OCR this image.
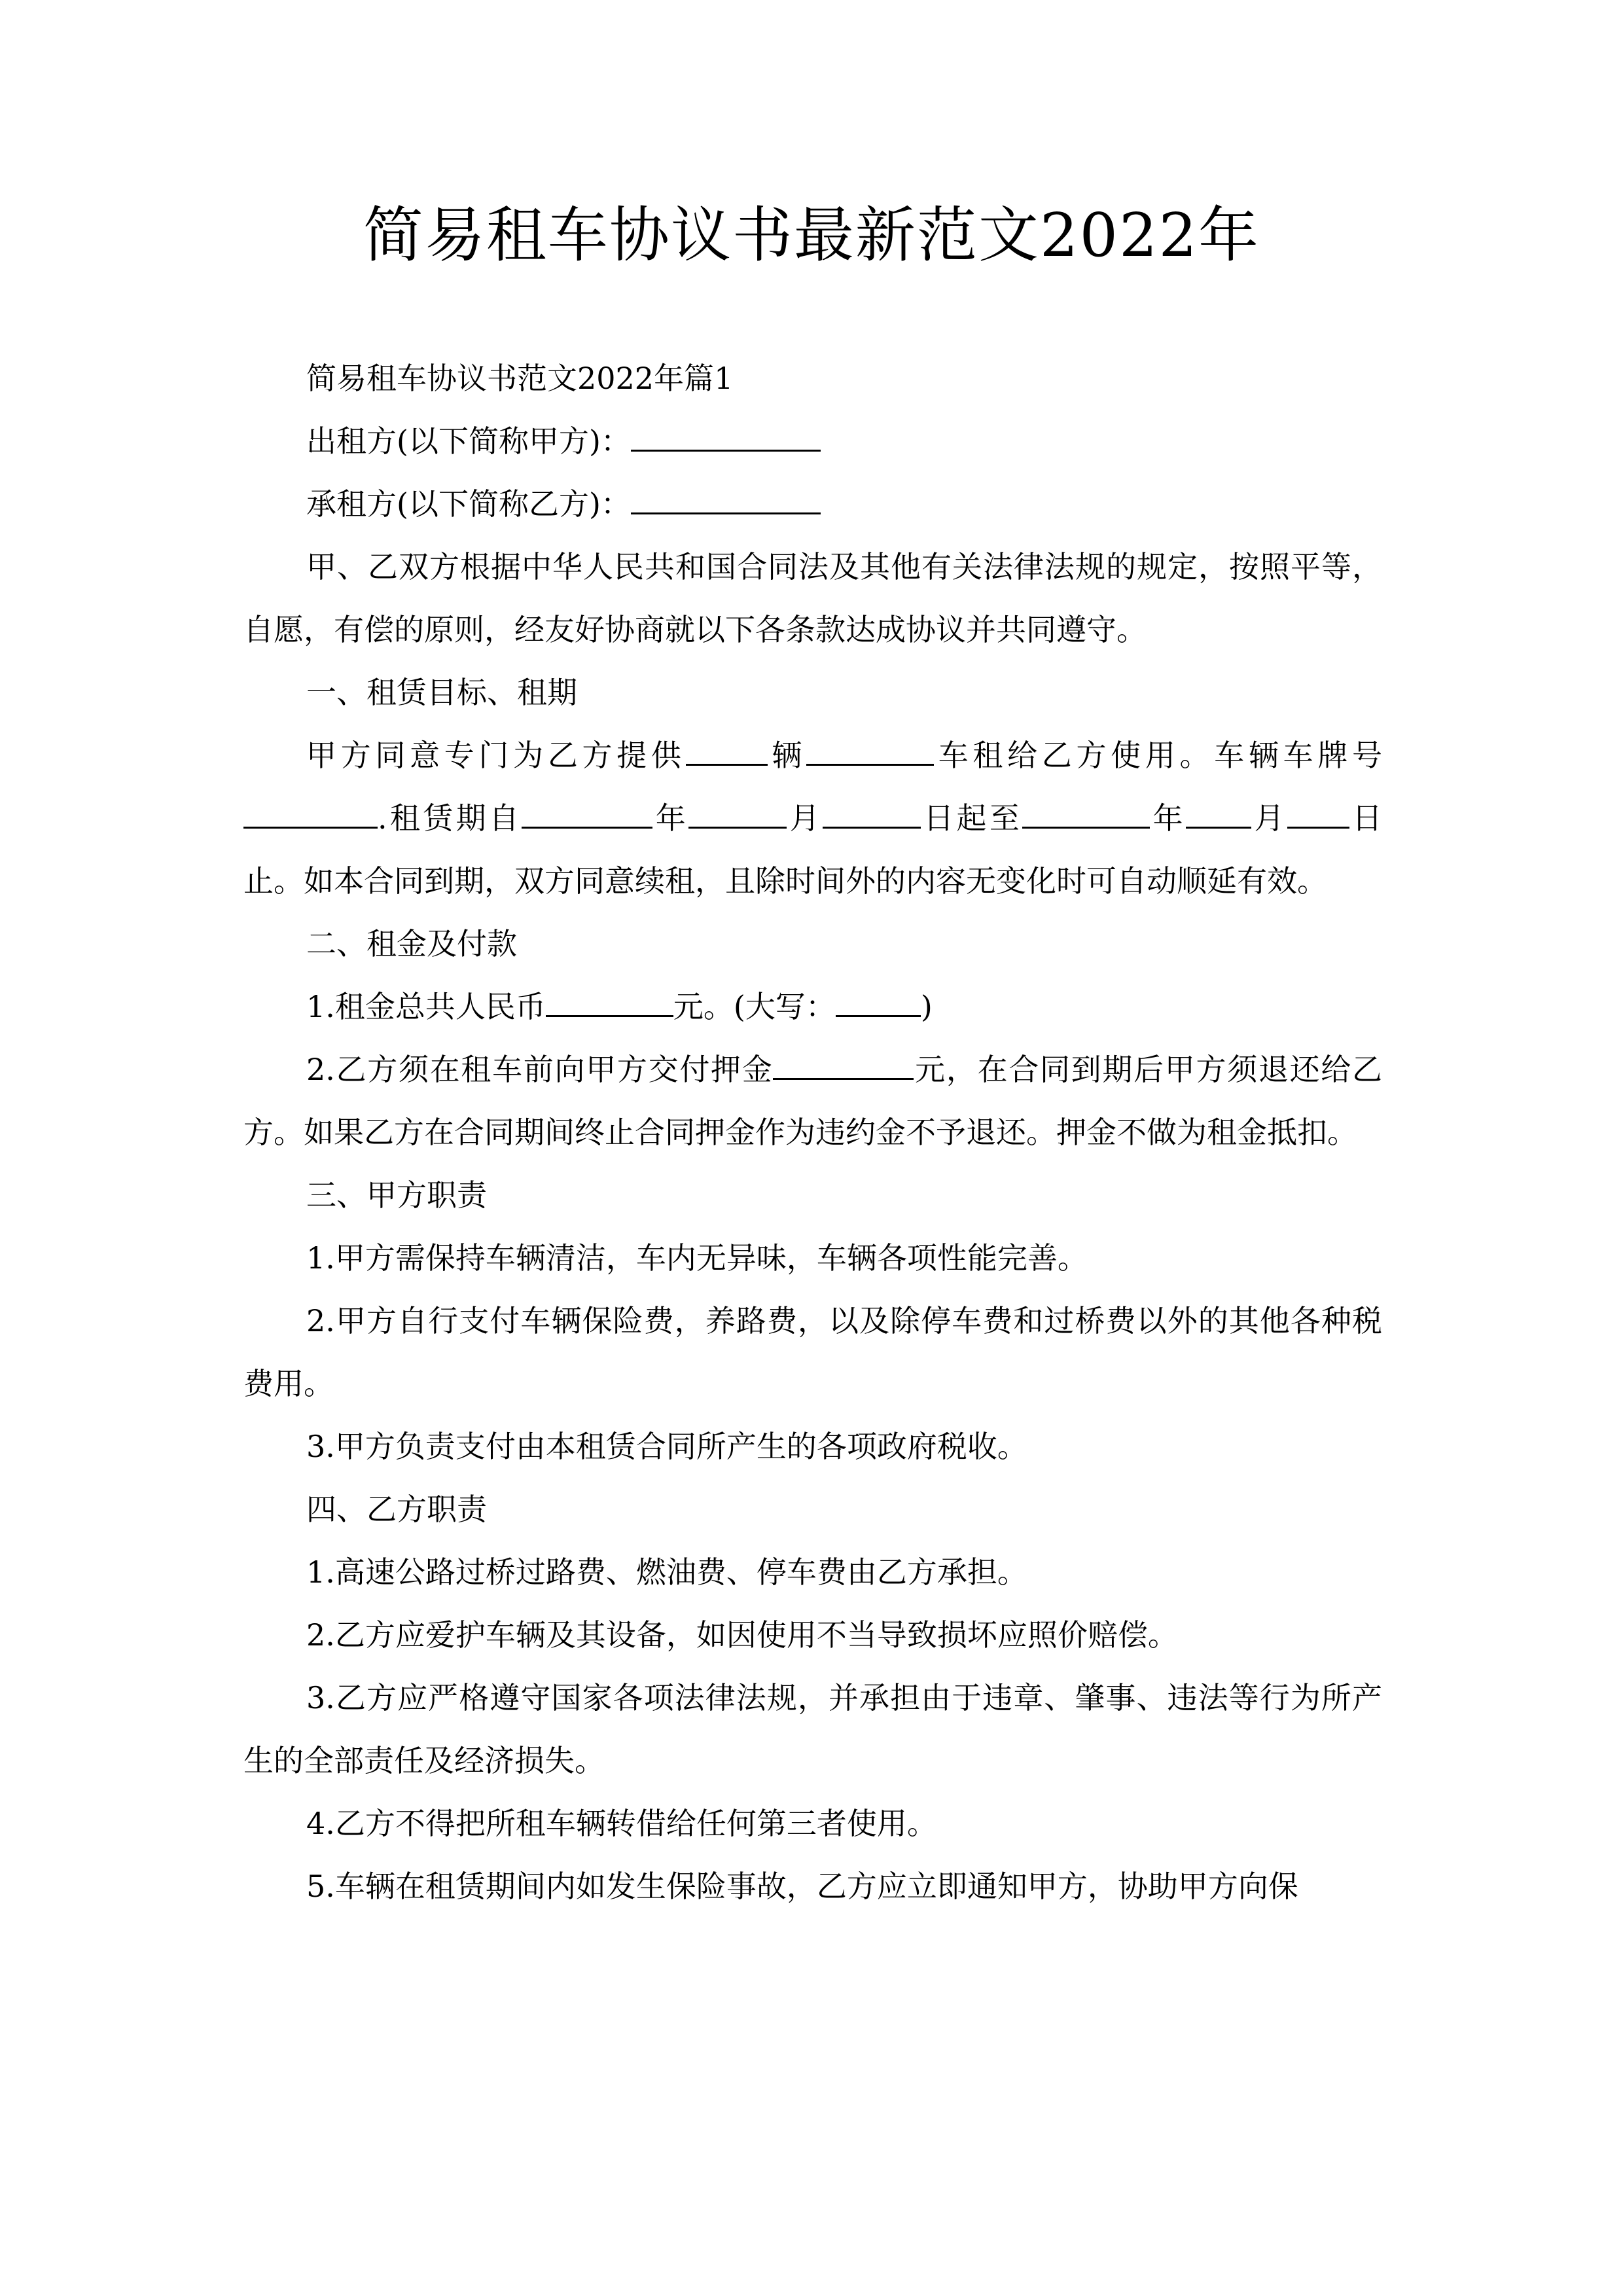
简易租车协议书最新范文2022年

简易租车协议书范文2022年篇1

出租方(以下简称甲方)：

承租方(以下简称乙方)：

甲、乙双方根据中华人民共和国合同法及其他有关法律法规的规定，按照平等，自愿，有偿的原则，经友好协商就以下各条款达成协议并共同遵守。

一、租赁目标、租期

甲方同意专门为乙方提供	辆	车租给乙方使用。车辆车牌号.租赁期自	年	月	日起至	年 月 日止。如本合同到期，双方同意续租，且除时间外的内容无变化时可自动顺延有效。

二、租金及付款

1.租金总共人民币	元。(大写：	)

2.乙方须在租车前向甲方交付押金	元，在合同到期后甲方须退还给乙方。如果乙方在合同期间终止合同押金作为违约金不予退还。押金不做为租金抵扣。

三、甲方职责

1.甲方需保持车辆清洁，车内无异味，车辆各项性能完善。

2.甲方自行支付车辆保险费，养路费，以及除停车费和过桥费以外的其他各种税费用。

3.甲方负责支付由本租赁合同所产生的各项政府税收。

四、乙方职责

1.高速公路过桥过路费、燃油费、停车费由乙方承担。

2.乙方应爱护车辆及其设备，如因使用不当导致损坏应照价赔偿。

3.乙方应严格遵守国家各项法律法规，并承担由于违章、肇事、违法等行为所产生的全部责任及经济损失。

4.乙方不得把所租车辆转借给任何第三者使用。

5.车辆在租赁期间内如发生保险事故，乙方应立即通知甲方，协助甲方向保
